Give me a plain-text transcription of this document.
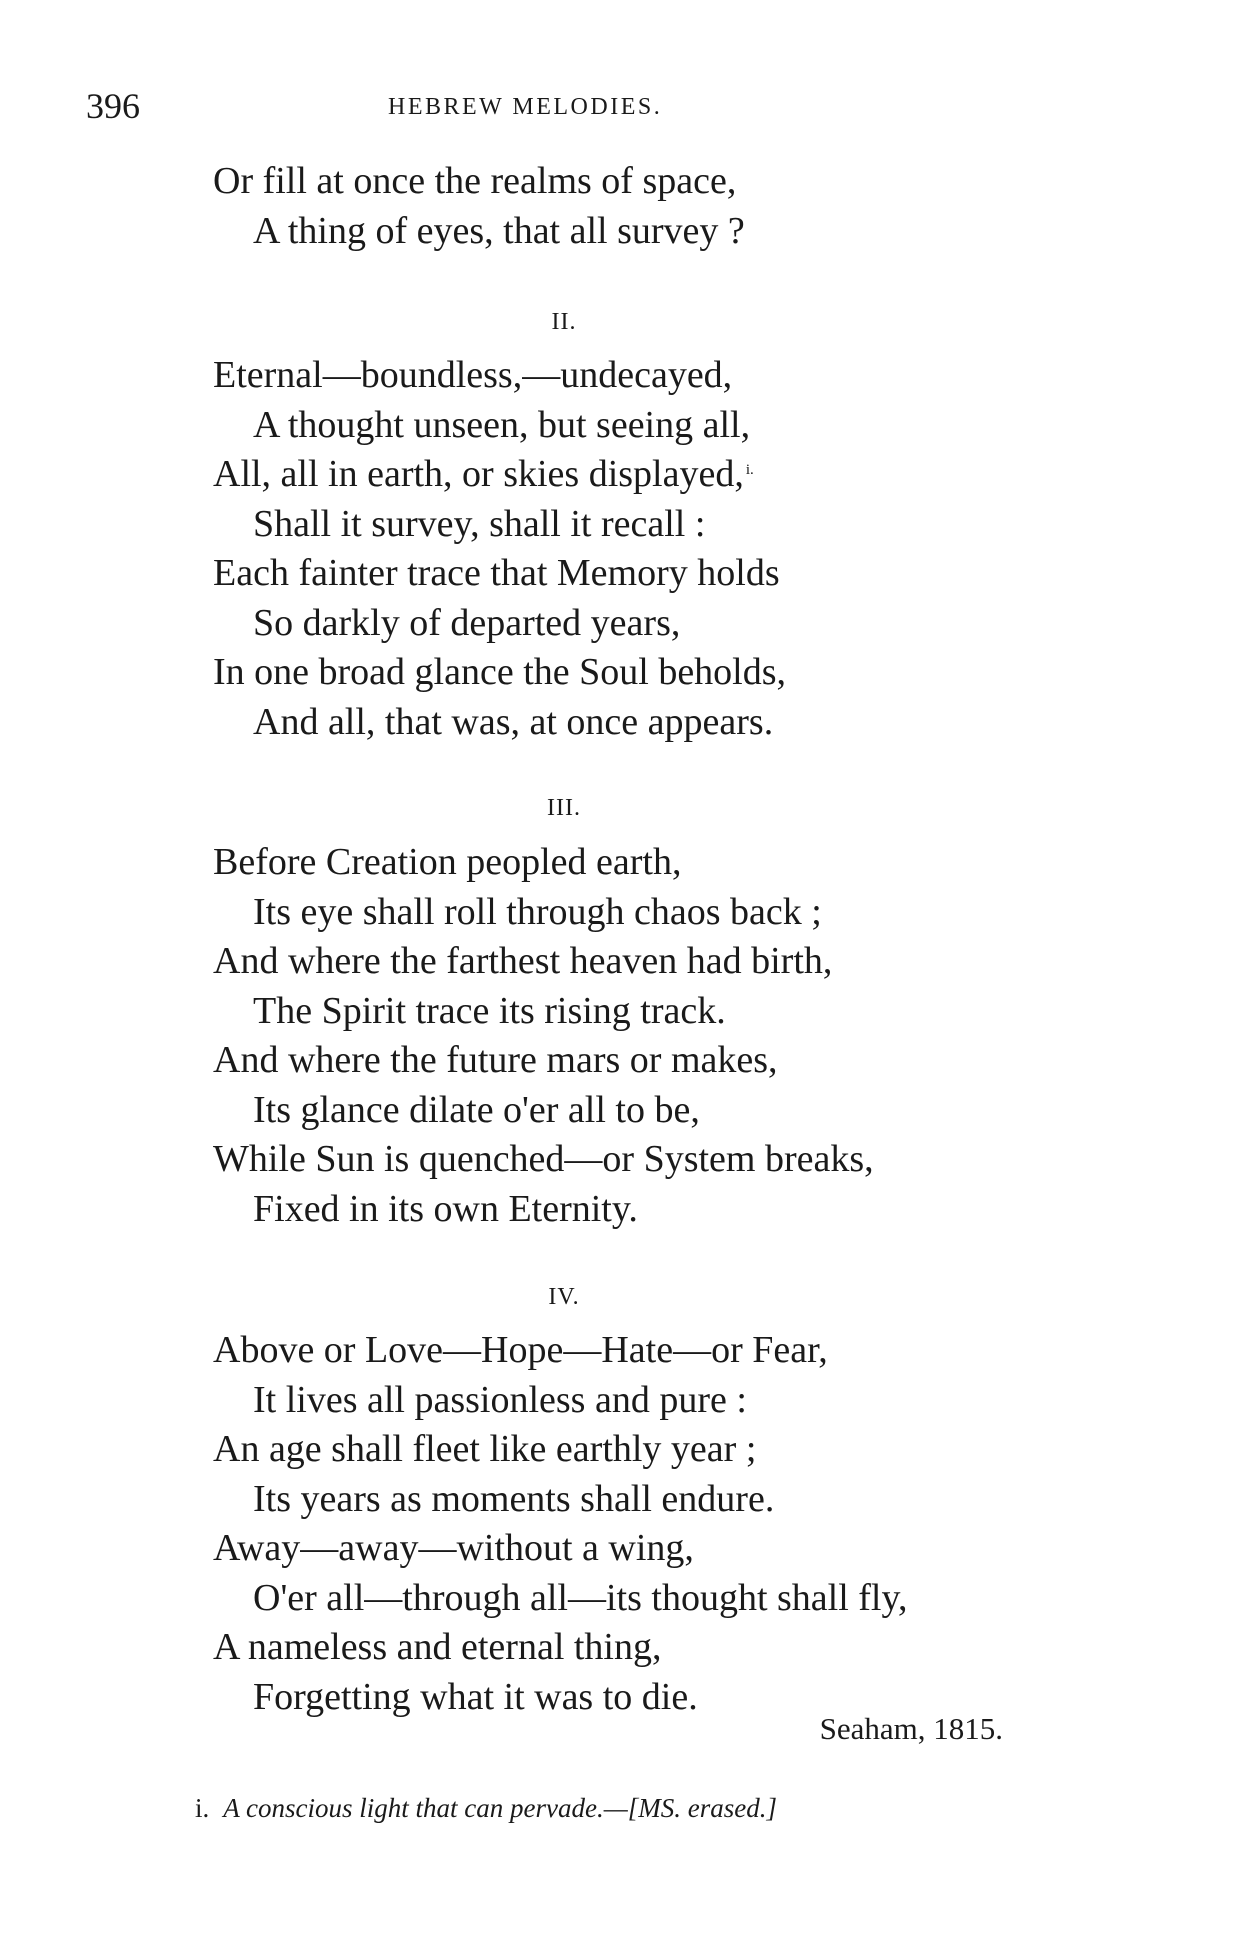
396	HEBREW MELODIES.
Or fill at once the realms of space,
A thing of eyes, that all survey ?
II.
Eternal—boundless,—undecayed,
A thought unseen, but seeing all,
All, all in earth, or skies displayed, $^{i.}$
Shall it survey, shall it recall :
Each fainter trace that Memory holds
So darkly of departed years,
In one broad glance the Soul beholds,
And all, that was, at once appears.
III.
Before Creation peopled earth,
Its eye shall roll through chaos back ;
And where the farthest heaven had birth,
The Spirit trace its rising track.
And where the future mars or makes,
Its glance dilate o'er all to be,
While Sun is quenched—or System breaks,
Fixed in its own Eternity.
IV.
Above or Love—Hope—Hate—or Fear,
It lives all passionless and pure :
An age shall fleet like earthly year ;
Its years as moments shall endure.
Away—away—without a wing,
O'er all—through all—its thought shall fly,
A nameless and eternal thing,
Forgetting what it was to die.
Seaham, 1815.
i. A conscious light that can pervade.—[MS. erased.]
